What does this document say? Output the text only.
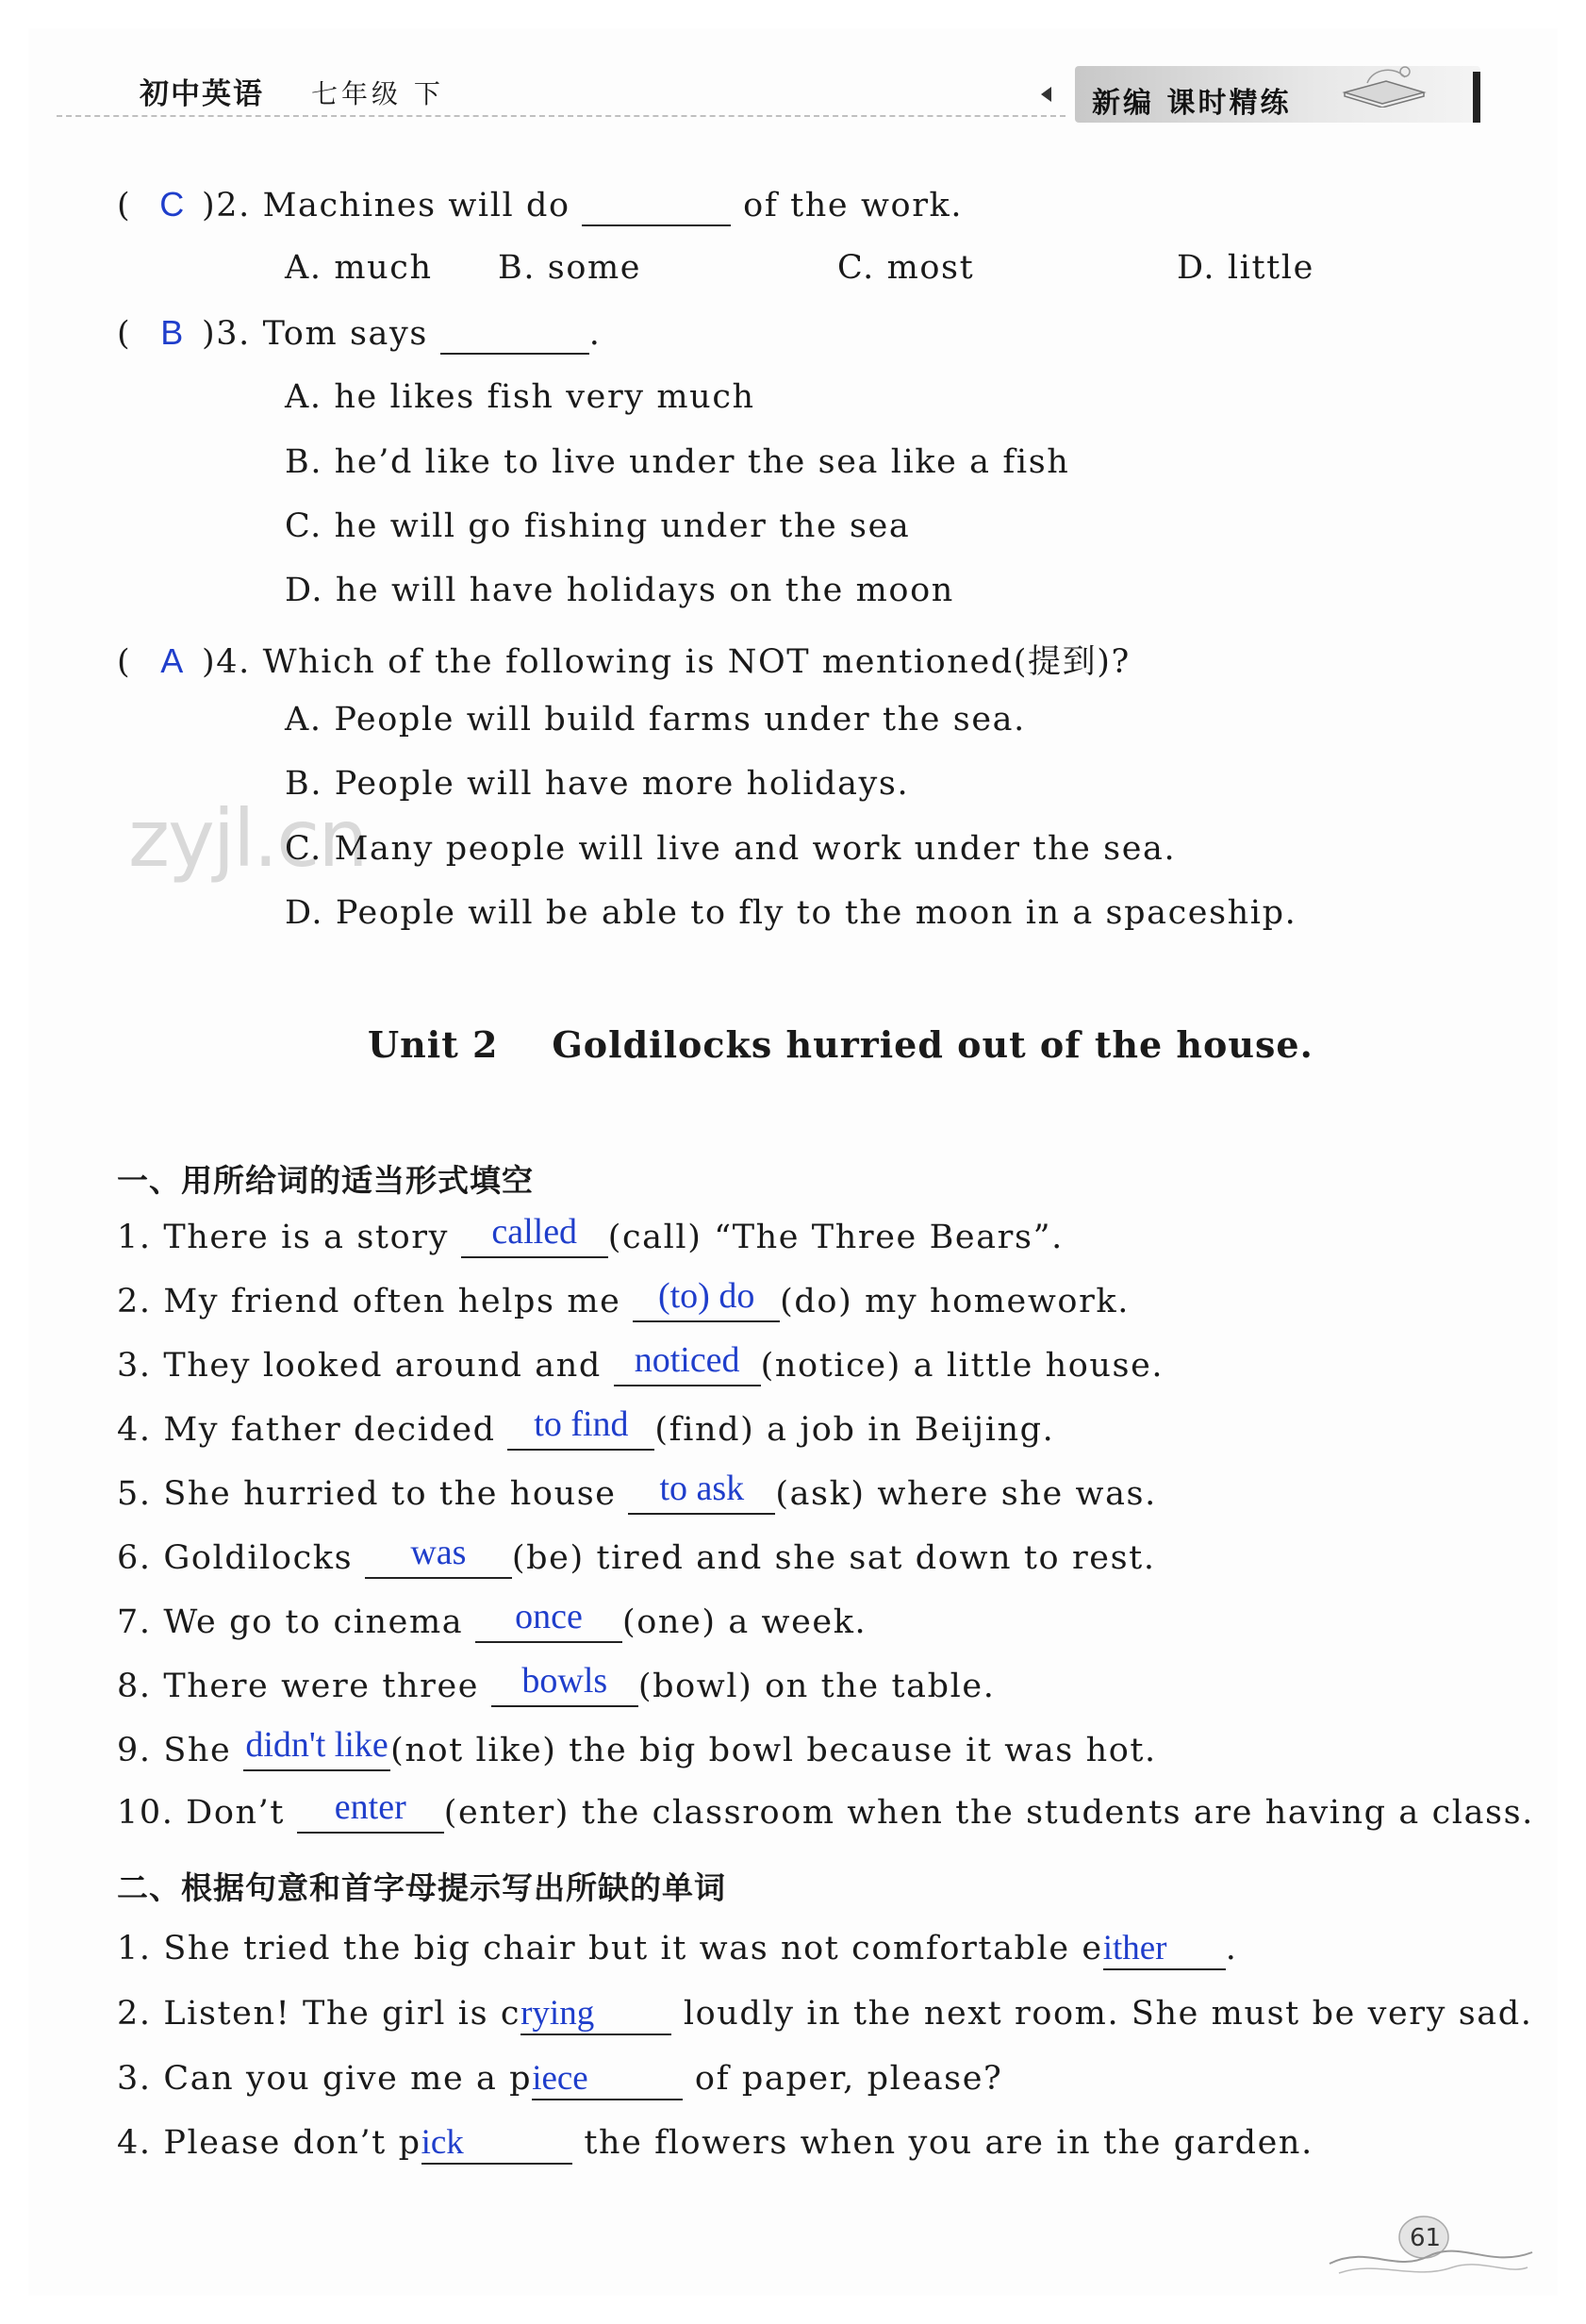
初中英语 七年级 下	新编 课时精练
zyjl.cn
( C )2. Machines will do	of the work.
A. much B. some	C. most	D. little
( B )3. Tom says	.
A. he likes fish very much
B. he’d like to live under the sea like a fish
C. he will go fishing under the sea
D. he will have holidays on the moon
( A )4. Which of the following is NOT mentioned(提到)?
A. People will build farms under the sea.
B. People will have more holidays.
C. Many people will live and work under the sea.
D. People will be able to fly to the moon in a spaceship.
Unit 2    Goldilocks hurried out of the house.
一、用所给词的适当形式填空
1. There is a story called (call) “The Three Bears”.
2. My friend often helps me (to) do (do) my homework.
3. They looked around and noticed (notice) a little house.
4. My father decided to find (find) a job in Beijing.
5. She hurried to the house to ask (ask) where she was.
6. Goldilocks	was	(be) tired and she sat down to rest.
7. We go to cinema	once	(one) a week.
8. There were three bowls (bowl) on the table.
9. She didn't like (not like) the big bowl because it was hot.
10. Don’t	enter	(enter) the classroom when the students are having a class.
二、根据句意和首字母提示写出所缺的单词
1. She tried the big chair but it was not comfortable either .
2. Listen! The girl is crying loudly in the next room. She must be very sad.
3. Can you give me a piece	of paper, please?
4. Please don’t pick	the flowers when you are in the garden.
61
